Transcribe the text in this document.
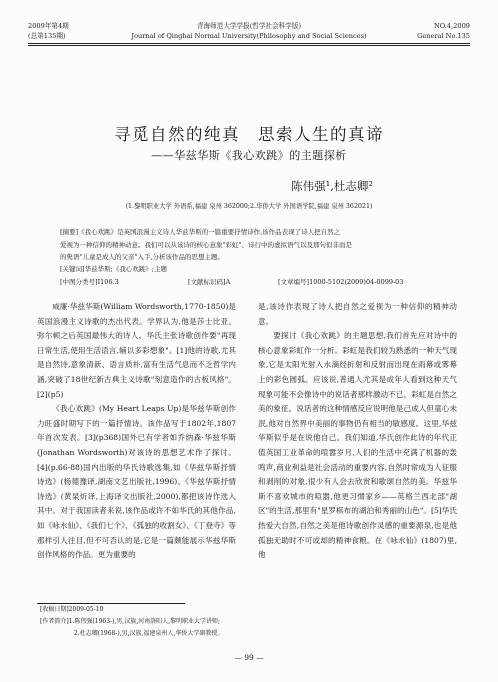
2009年第4期	青海师范大学学报(哲学社会科学版)	NO.4,2009
(总第135期)	Journal of Qinghai Normal University(Philosophy and Social Sciences)	General No.135
寻觅自然的纯真　思索人生的真谛
——华兹华斯《我心欢跳》的主题探析
陈伟强¹,杜志卿²
(1.黎明职业大学 外语系,福建 泉州 362000;2.华侨大学 外国语学院,福建 泉州 362021)
[摘要]《我心欢跳》是英国浪漫主义诗人华兹华斯的一篇重要抒情诗作,该作品表现了诗人把自然之
爱视为一种信仰的精神动意。我们可以从该诗的核心意象"彩虹"、诗行中的虚拟语气以及那句似非而是
的隽语"儿童是成人的父亲"入手,分析该作品的思想主题。
[关键词]华兹华斯;《我心欢跳》;主题
[中图分类号]I106.3	[文献标识码]A	[文章编号]1000-5102(2009)04-0099-03

威廉·华兹华斯(William Wordsworth,1770-1850)是英国浪漫主义诗歌的杰出代表。学界认为,他是莎士比亚、弥尔顿之后英国最伟大的诗人。华氏主张诗歌创作要"再现日常生活,使用生活语言,辅以多彩想象"。[1]他的诗歌,尤其是自然诗,意象清新、语言质朴,富有生活气息而不乏哲学内涵,突破了18世纪新古典主义诗歌"刻意造作的古板风格"。[2](p5)

《我心欢跳》(My Heart Leaps Up)是华兹华斯创作力旺盛时期写下的一篇抒情诗。该作品写于1802年,1807年首次发表。[3](p368)国外已有学者如乔纳森·华兹华斯(Jonathan Wordsworth)对该诗的思想艺术作了探讨。[4](p.66-88)国内出版的华氏诗歌选集,如《华兹华斯抒情诗选》(杨德豫译,湖南文艺出版社,1996)、《华兹华斯抒情诗选》(黄杲炘译,上海译文出版社,2000),都把该诗作选入其中。对于我国读者来说,该作品或许不如华氏的其他作品,如《咏水仙》、《我们七个》、《孤独的收割女》、《丁登寺》等那样引人注目,但不可否认的是,它是一篇颇能展示华兹华斯创作风格的作品。更为重要的

是,该诗作表现了诗人把自然之爱视为一种信仰的精神动意。

要探讨《我心欢跳》的主题思想,我们首先应对诗中的核心意象彩虹作一分析。彩虹是我们较为熟悉的一种天气现象,它是太阳光射入水滴经折射和反射而出现在雨幕或雾幕上的彩色圆弧。应该说,普通人尤其是成年人看到这种天气现象可能不会像诗中的说话者那样激动不已。彩虹是自然之美的象征。说话者的这种情感反应说明他是己成人但童心未泯,他对自然界中美丽的事物仍有相当的敏感度。这里,华兹华斯似乎是在说他自己。我们知道,华氏创作此诗的年代正值英国工业革命的喧嚣岁月,人们的生活中充满了机器的轰鸣声,商业利益是社会活动的重要内容,自然时常成为人征服和剥削的对象,很少有人会去欣赏和歌颂自然的美。华兹华斯不喜欢城市的喧嚣,他更习惯家乡——英格兰西北部"湖区"的生活,那里有"星罗棋布的湖泊和秀丽的山色"。[5]华氏热爱大自然,自然之美是他诗歌创作灵感的重要源泉,也是他孤独无助时不可或却的精神食粮。在《咏水仙》(1807)里,他

[收稿日期]2009-05-10
[作者简介]1.陈伟强(1963-),男,汉族,河南洛阳人,黎明职业大学讲师;
2.杜志卿(1968-),男,汉族,福建泉州人,华侨大学副教授。
— 99 —
